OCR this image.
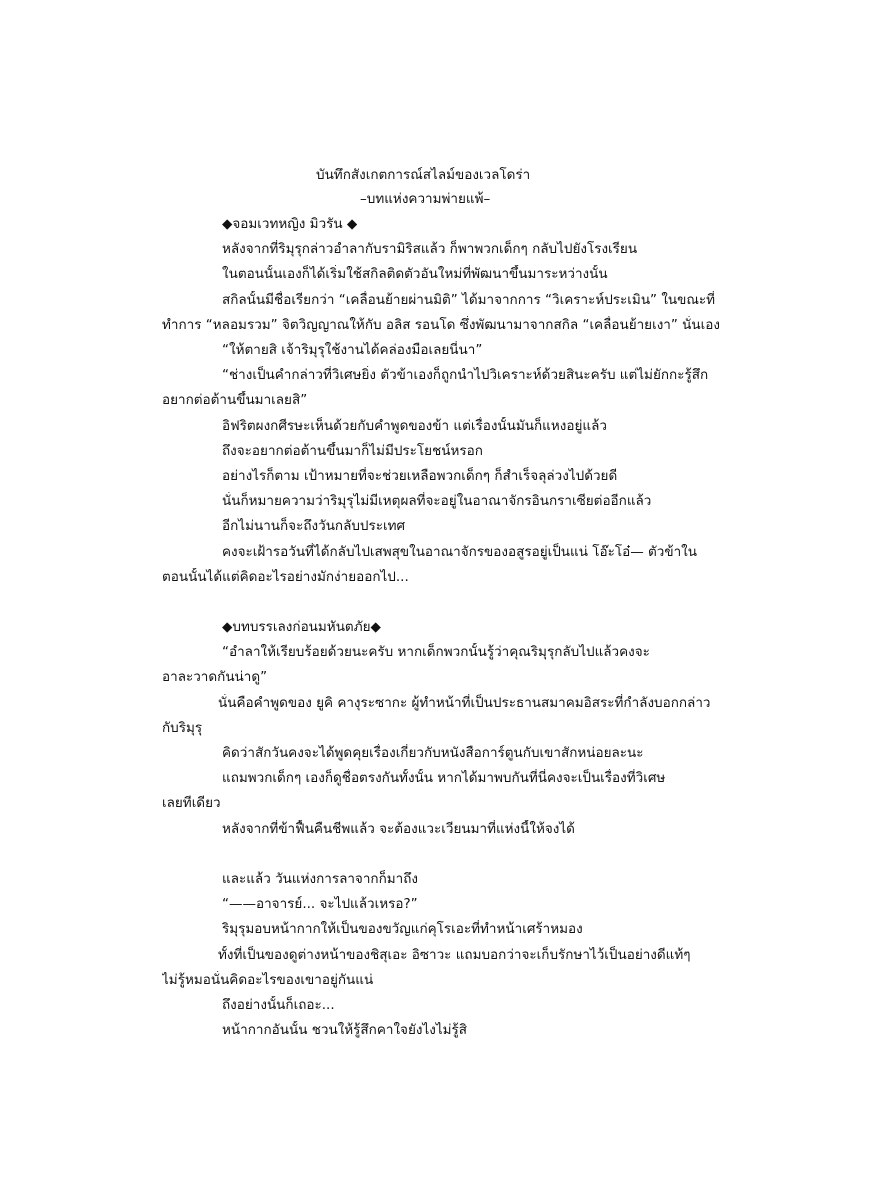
บันทึกสังเกตการณ์สไลม์ของเวลโดร่า
–บทแห่งความพ่ายแพ้–
◆จอมเวทหญิง มิวรัน ◆
หลังจากที่ริมุรุกล่าวอำลากับรามิริสแล้ว ก็พาพวกเด็กๆ กลับไปยังโรงเรียน
ในตอนนั้นเองก็ได้เริ่มใช้สกิลติดตัวอันใหม่ที่พัฒนาขึ้นมาระหว่างนั้น
สกิลนั้นมีชื่อเรียกว่า “เคลื่อนย้ายผ่านมิติ” ได้มาจากการ “วิเคราะห์ประเมิน” ในขณะที่
ทำการ “หลอมรวม” จิตวิญญาณให้กับ อลิส รอนโด ซึ่งพัฒนามาจากสกิล “เคลื่อนย้ายเงา” นั่นเอง
“ให้ตายสิ เจ้าริมุรุใช้งานได้คล่องมือเลยนี่นา”
“ช่างเป็นคำกล่าวที่วิเศษยิ่ง ตัวข้าเองก็ถูกนำไปวิเคราะห์ด้วยสินะครับ แต่ไม่ยักกะรู้สึก
อยากต่อต้านขึ้นมาเลยสิ”
อิฟริตผงกศีรษะเห็นด้วยกับคำพูดของข้า แต่เรื่องนั้นมันก็แหงอยู่แล้ว
ถึงจะอยากต่อต้านขึ้นมาก็ไม่มีประโยชน์หรอก
อย่างไรก็ตาม เป้าหมายที่จะช่วยเหลือพวกเด็กๆ ก็สำเร็จลุล่วงไปด้วยดี
นั่นก็หมายความว่าริมุรุไม่มีเหตุผลที่จะอยู่ในอาณาจักรอินกราเซียต่ออีกแล้ว
อีกไม่นานก็จะถึงวันกลับประเทศ
คงจะเฝ้ารอวันที่ได้กลับไปเสพสุขในอาณาจักรของอสูรอยู่เป็นแน่ โอ๊ะโอ๋— ตัวข้าใน
ตอนนั้นได้แต่คิดอะไรอย่างมักง่ายออกไป...
◆บทบรรเลงก่อนมหันตภัย◆
“อำลาให้เรียบร้อยด้วยนะครับ หากเด็กพวกนั้นรู้ว่าคุณริมุรุกลับไปแล้วคงจะ
อาละวาดกันน่าดู”
นั่นคือคำพูดของ ยูคิ คางุระซากะ ผู้ทำหน้าที่เป็นประธานสมาคมอิสระที่กำลังบอกกล่าว
กับริมุรุ
คิดว่าสักวันคงจะได้พูดคุยเรื่องเกี่ยวกับหนังสือการ์ตูนกับเขาสักหน่อยละนะ
แถมพวกเด็กๆ เองก็ดูชื่อตรงกันทั้งนั้น หากได้มาพบกันที่นี่คงจะเป็นเรื่องที่วิเศษ
เลยทีเดียว
หลังจากที่ข้าฟื้นคืนชีพแล้ว จะต้องแวะเวียนมาที่แห่งนี้ให้จงได้
และแล้ว วันแห่งการลาจากก็มาถึง
“——อาจารย์... จะไปแล้วเหรอ?”
ริมุรุมอบหน้ากากให้เป็นของขวัญแก่คุโรเอะที่ทำหน้าเศร้าหมอง
ทั้งที่เป็นของดูต่างหน้าของชิสุเอะ อิซาวะ แถมบอกว่าจะเก็บรักษาไว้เป็นอย่างดีแท้ๆ
ไม่รู้หมอนั่นคิดอะไรของเขาอยู่กันแน่
ถึงอย่างนั้นก็เถอะ...
หน้ากากอันนั้น ชวนให้รู้สึกคาใจยังไงไม่รู้สิ
